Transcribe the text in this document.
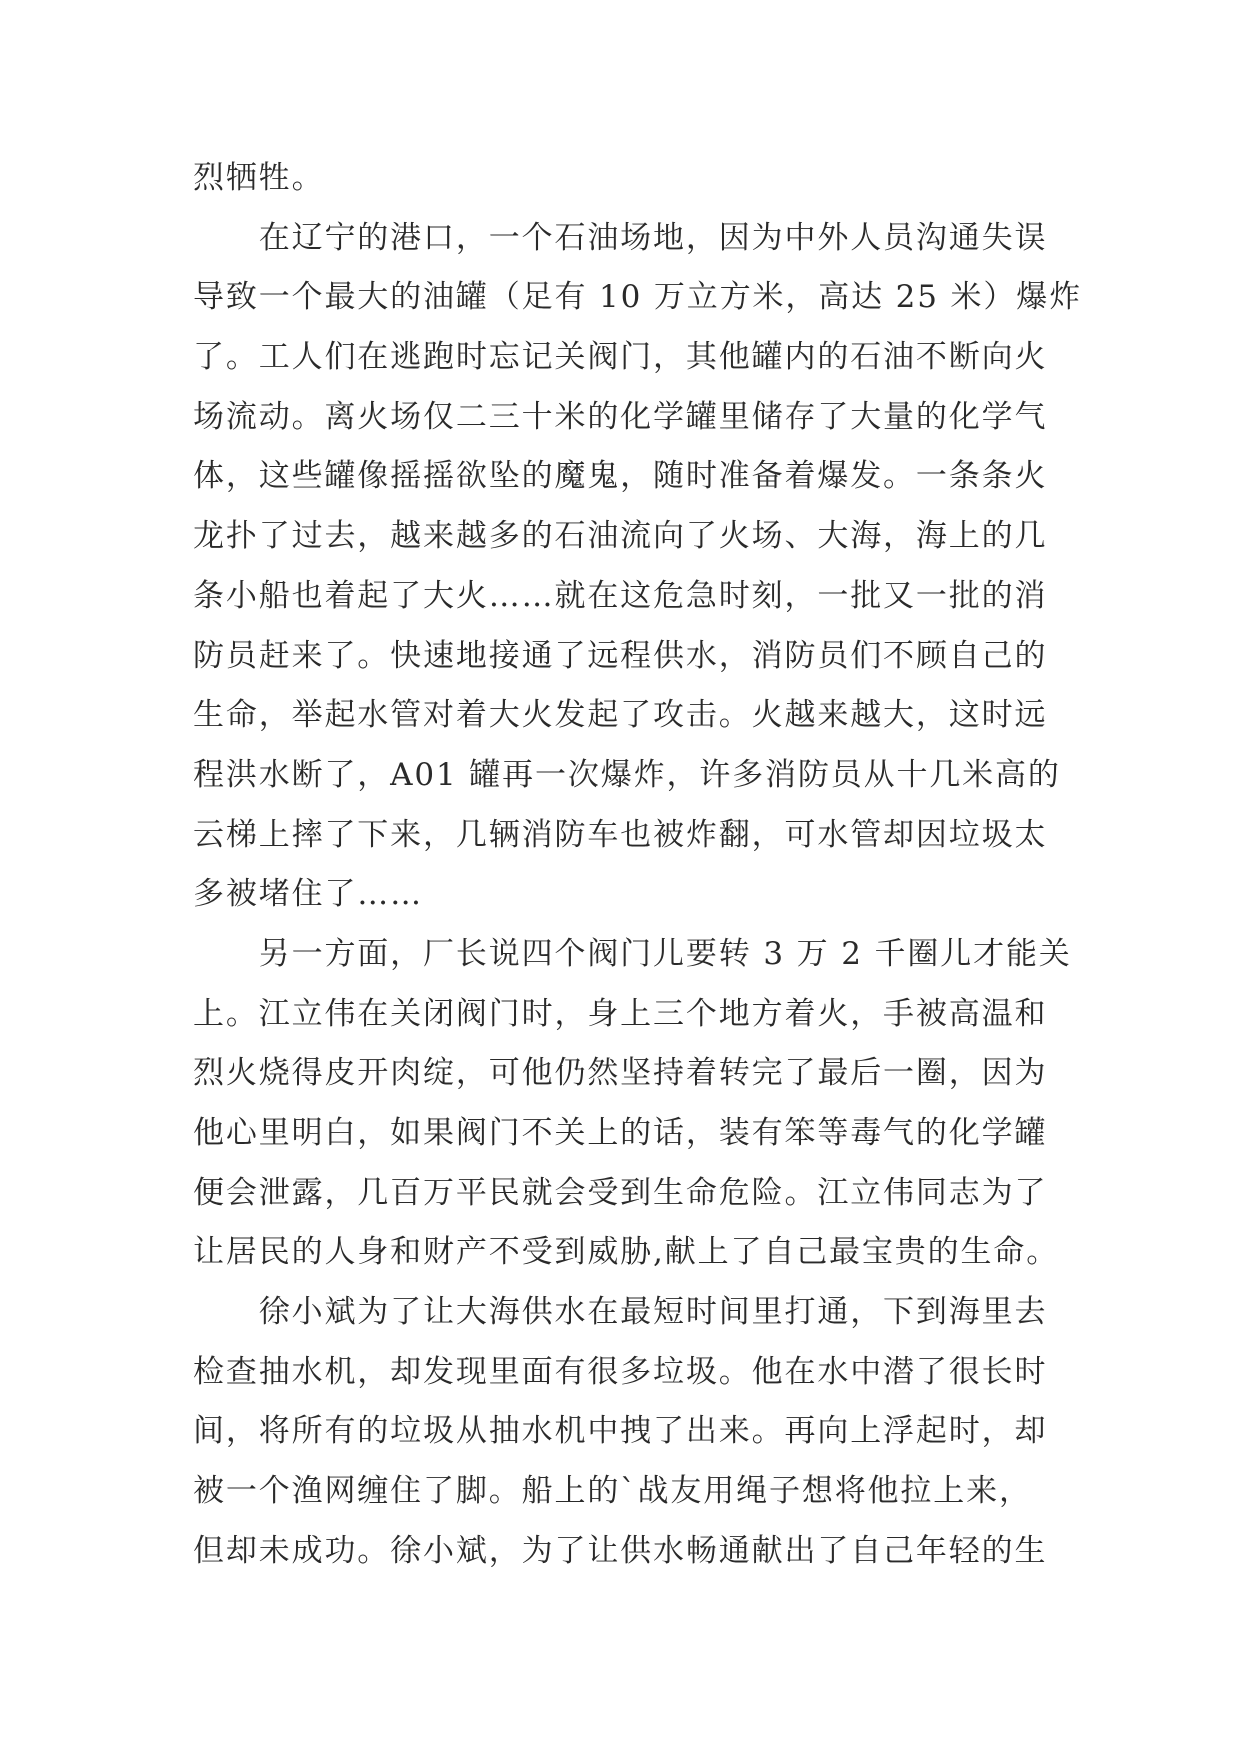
烈牺牲。
　　在辽宁的港口，一个石油场地，因为中外人员沟通失误
导致一个最大的油罐（足有 10 万立方米，高达 25 米）爆炸
了。工人们在逃跑时忘记关阀门，其他罐内的石油不断向火
场流动。离火场仅二三十米的化学罐里储存了大量的化学气
体，这些罐像摇摇欲坠的魔鬼，随时准备着爆发。一条条火
龙扑了过去，越来越多的石油流向了火场、大海，海上的几
条小船也着起了大火……就在这危急时刻，一批又一批的消
防员赶来了。快速地接通了远程供水，消防员们不顾自己的
生命，举起水管对着大火发起了攻击。火越来越大，这时远
程洪水断了，A01 罐再一次爆炸，许多消防员从十几米高的
云梯上摔了下来，几辆消防车也被炸翻，可水管却因垃圾太
多被堵住了……
　　另一方面，厂长说四个阀门儿要转 3 万 2 千圈儿才能关
上。江立伟在关闭阀门时，身上三个地方着火，手被高温和
烈火烧得皮开肉绽，可他仍然坚持着转完了最后一圈，因为
他心里明白，如果阀门不关上的话，装有笨等毒气的化学罐
便会泄露，几百万平民就会受到生命危险。江立伟同志为了
让居民的人身和财产不受到威胁,献上了自己最宝贵的生命。
　　徐小斌为了让大海供水在最短时间里打通，下到海里去
检查抽水机，却发现里面有很多垃圾。他在水中潜了很长时
间，将所有的垃圾从抽水机中拽了出来。再向上浮起时，却
被一个渔网缠住了脚。船上的`战友用绳子想将他拉上来，
但却未成功。徐小斌，为了让供水畅通献出了自己年轻的生
